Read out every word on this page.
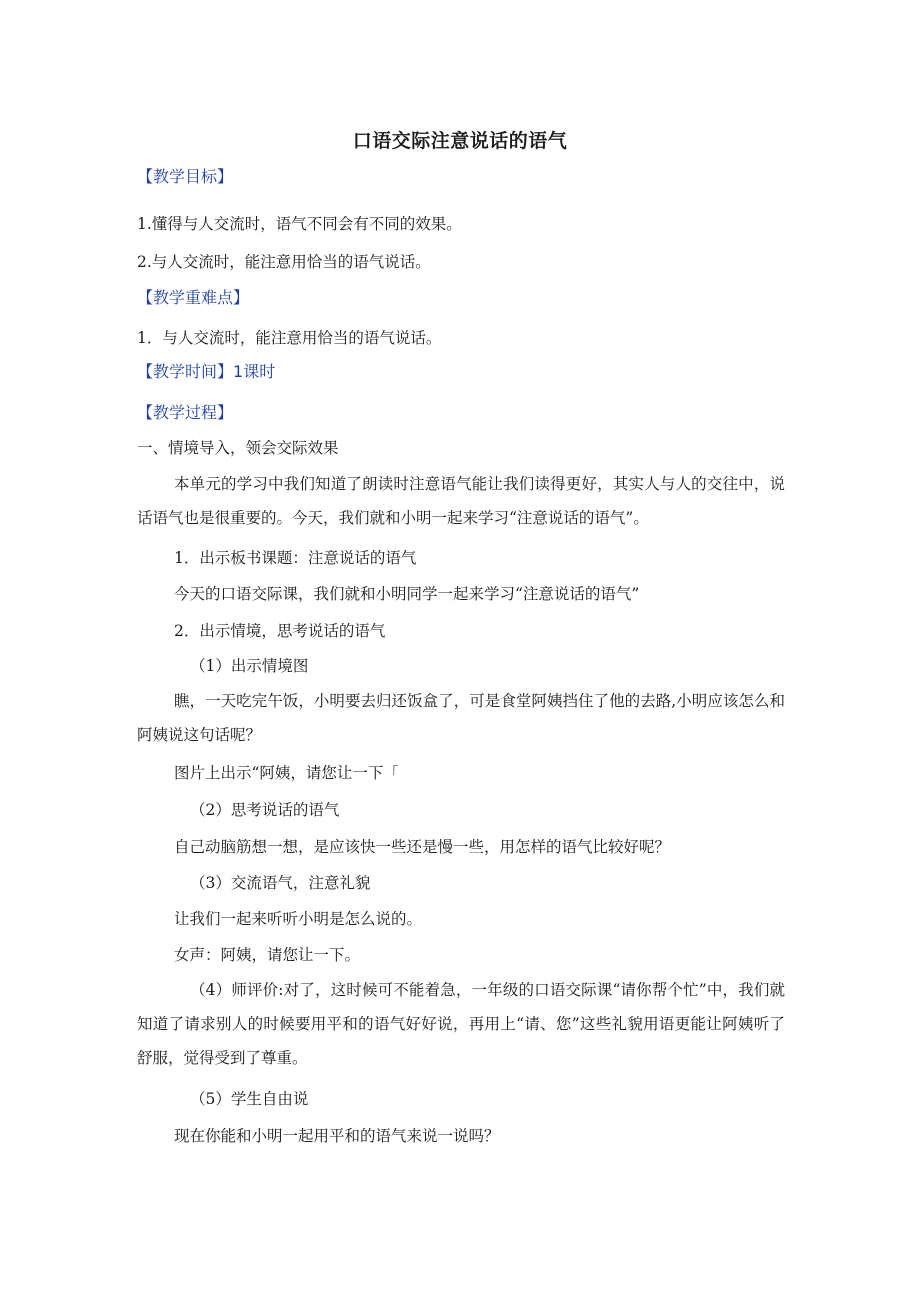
口语交际注意说话的语气
【教学目标】
1.懂得与人交流时，语气不同会有不同的效果。
2.与人交流时，能注意用恰当的语气说话。
【教学重难点】
1．与人交流时，能注意用恰当的语气说话。
【教学时间】1课时
【教学过程】
一、情境导入，领会交际效果
本单元的学习中我们知道了朗读时注意语气能让我们读得更好，其实人与人的交往中，说话语气也是很重要的。今天，我们就和小明一起来学习“注意说话的语气”。
1．出示板书课题：注意说话的语气
今天的口语交际课，我们就和小明同学一起来学习“注意说话的语气”
2．出示情境，思考说话的语气
（1）出示情境图
瞧，一天吃完午饭，小明要去归还饭盒了，可是食堂阿姨挡住了他的去路,小明应该怎么和阿姨说这句话呢？
图片上出示“阿姨，请您让一下「
（2）思考说话的语气
自己动脑筋想一想，是应该快一些还是慢一些，用怎样的语气比较好呢？
（3）交流语气，注意礼貌
让我们一起来听听小明是怎么说的。
女声：阿姨，请您让一下。
（4）师评价:对了，这时候可不能着急，一年级的口语交际课“请你帮个忙”中，我们就知道了请求别人的时候要用平和的语气好好说，再用上“请、您”这些礼貌用语更能让阿姨听了舒服，觉得受到了尊重。
（5）学生自由说
现在你能和小明一起用平和的语气来说一说吗？
